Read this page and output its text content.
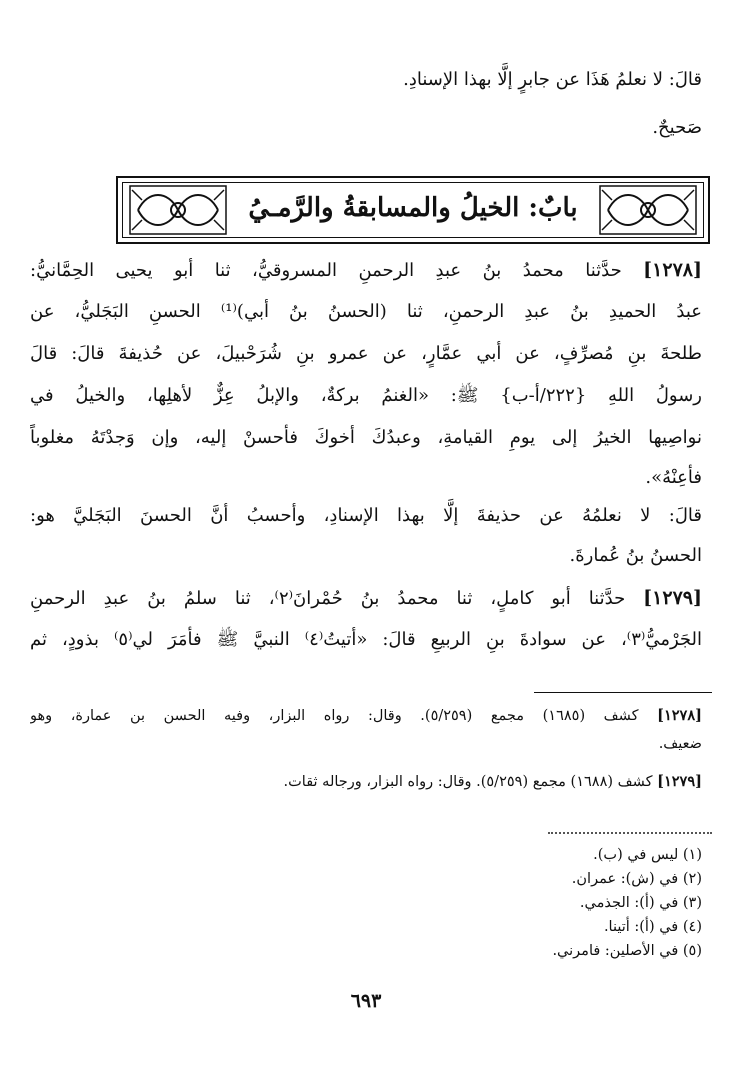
قالَ: لا نعلمُ هَذَا عن جابرٍ إلَّا بهذا الإسنادِ.
صَحيحٌ.
بابٌ: الخيلُ والمسابقةُ والرَّمـيُ
[١٢٧٨] حدَّثنا محمدُ بنُ عبدِ الرحمنِ المسروقيُّ، ثنا أبو يحيى الحِمَّانيُّ:
عبدُ الحميدِ بنُ عبدِ الرحمنِ، ثنا (الحسنُ بنُ أبي)⁽¹⁾ الحسنِ البَجَليُّ، عن
طلحةَ بنِ مُصرِّفٍ، عن أبي عمَّارٍ، عن عمرو بنِ شُرَحْبيلَ، عن حُذيفةَ قالَ: قالَ
رسولُ اللهِ {٢٢٢/أ-ب} ﷺ: «الغنمُ بركةٌ، والإبلُ عِزٌّ لأهلِها، والخيلُ في
نواصِيها الخيرُ إلى يومِ القيامةِ، وعبدُكَ أخوكَ فأحسنْ إليه، وإن وَجدْتَهُ مغلوباً
فأعِنْهُ».
قالَ: لا نعلمُهُ عن حذيفةَ إلَّا بهذا الإسنادِ، وأحسبُ أنَّ الحسنَ البَجَليَّ هو:
الحسنُ بنُ عُمارةَ.
[١٢٧٩] حدَّثنا أبو كاملٍ، ثنا محمدُ بنُ حُمْرانَ⁽٢⁾، ثنا سلمُ بنُ عبدِ الرحمنِ
الجَرْميُّ⁽٣⁾، عن سوادةَ بنِ الربيعِ قالَ: «أتيتُ⁽٤⁾ النبيَّ ﷺ فأمَرَ لي⁽٥⁾ بذودٍ، ثم
[١٢٧٨] كشف (١٦٨٥) مجمع (٥/٢٥٩). وقال: رواه البزار، وفيه الحسن بن عمارة، وهو
ضعيف.
[١٢٧٩] كشف (١٦٨٨) مجمع (٥/٢٥٩). وقال: رواه البزار، ورجاله ثقات.
(١) ليس في (ب).
(٢) في (ش): عمران.
(٣) في (أ): الجذمي.
(٤) في (أ): أتينا.
(٥) في الأصلين: فامرني.
٦٩٣
